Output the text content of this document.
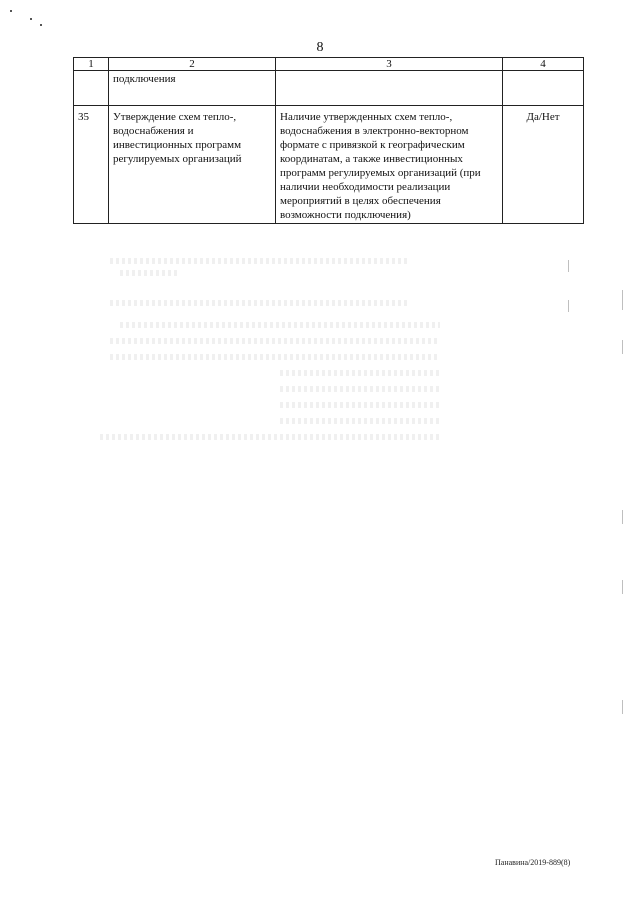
8
1	2	3	4
	подключения		
35	Утверждение схем тепло-, водоснабжения и инвестиционных программ регулируемых организаций	Наличие утвержденных схем тепло-, водоснабжения в электронно-векторном формате с привязкой к географическим координатам, а также инвестиционных программ регулируемых организаций (при наличии необходимости реализации мероприятий в целях обеспечения возможности подключения)	Да/Нет
Панавина/2019-889(8)
